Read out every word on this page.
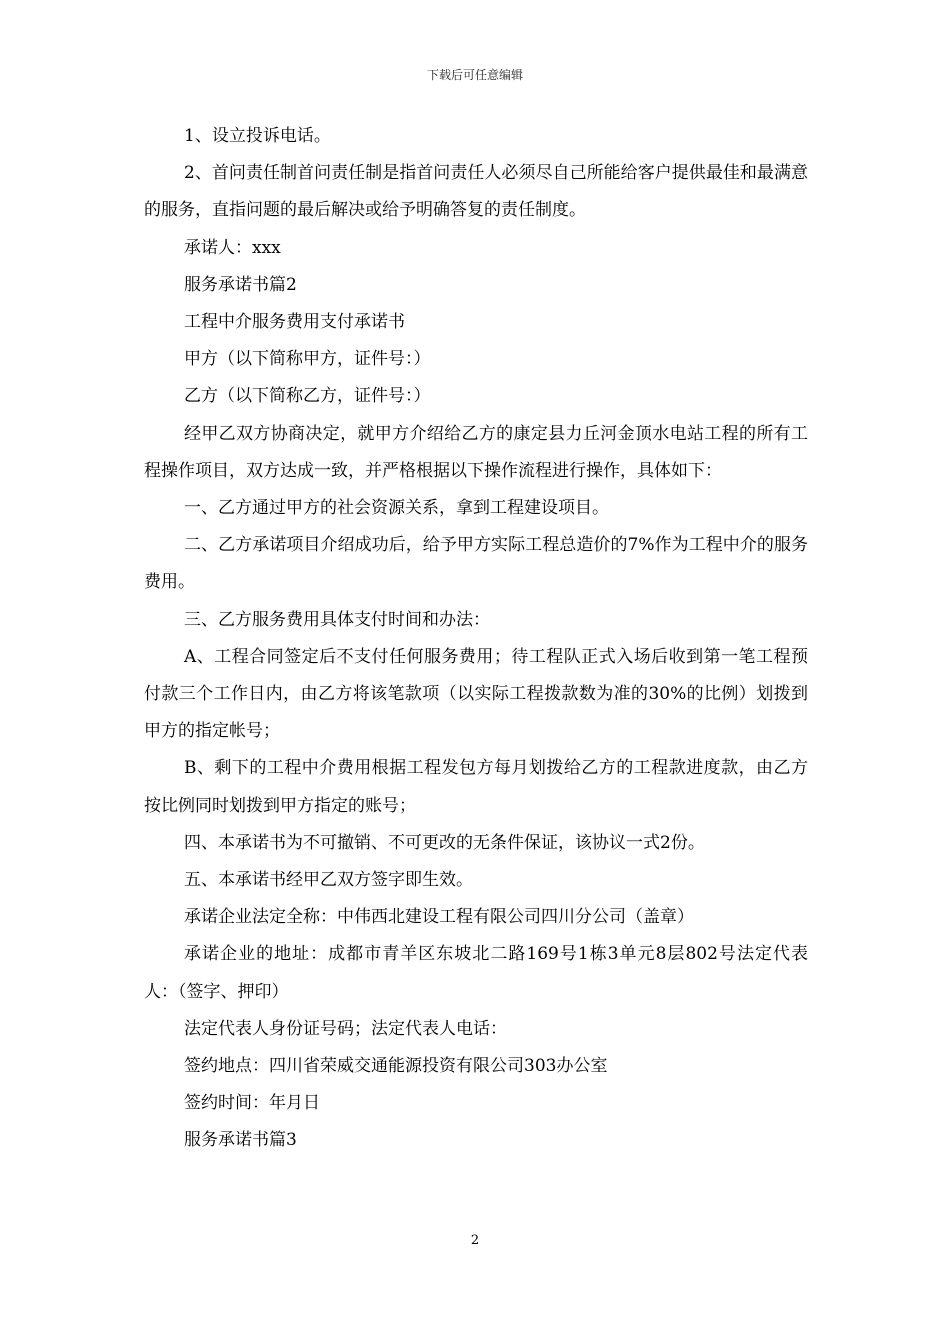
下载后可任意编辑

1、设立投诉电话。

2、首问责任制首问责任制是指首问责任人必须尽自己所能给客户提供最佳和最满意的服务，直指问题的最后解决或给予明确答复的责任制度。

承诺人：xxx

服务承诺书篇2

工程中介服务费用支付承诺书

甲方（以下简称甲方，证件号：）

乙方（以下简称乙方，证件号：）

经甲乙双方协商决定，就甲方介绍给乙方的康定县力丘河金顶水电站工程的所有工程操作项目，双方达成一致，并严格根据以下操作流程进行操作，具体如下：

一、乙方通过甲方的社会资源关系，拿到工程建设项目。

二、乙方承诺项目介绍成功后，给予甲方实际工程总造价的7%作为工程中介的服务费用。

三、乙方服务费用具体支付时间和办法：

A、工程合同签定后不支付任何服务费用；待工程队正式入场后收到第一笔工程预付款三个工作日内，由乙方将该笔款项（以实际工程拨款数为准的30%的比例）划拨到甲方的指定帐号；

B、剩下的工程中介费用根据工程发包方每月划拨给乙方的工程款进度款，由乙方按比例同时划拨到甲方指定的账号；

四、本承诺书为不可撤销、不可更改的无条件保证，该协议一式2份。

五、本承诺书经甲乙双方签字即生效。

承诺企业法定全称：中伟西北建设工程有限公司四川分公司（盖章）

承诺企业的地址：成都市青羊区东坡北二路169号1栋3单元8层802号法定代表人：（签字、押印）

法定代表人身份证号码；法定代表人电话：

签约地点：四川省荣威交通能源投资有限公司303办公室

签约时间：年月日

服务承诺书篇3

2
